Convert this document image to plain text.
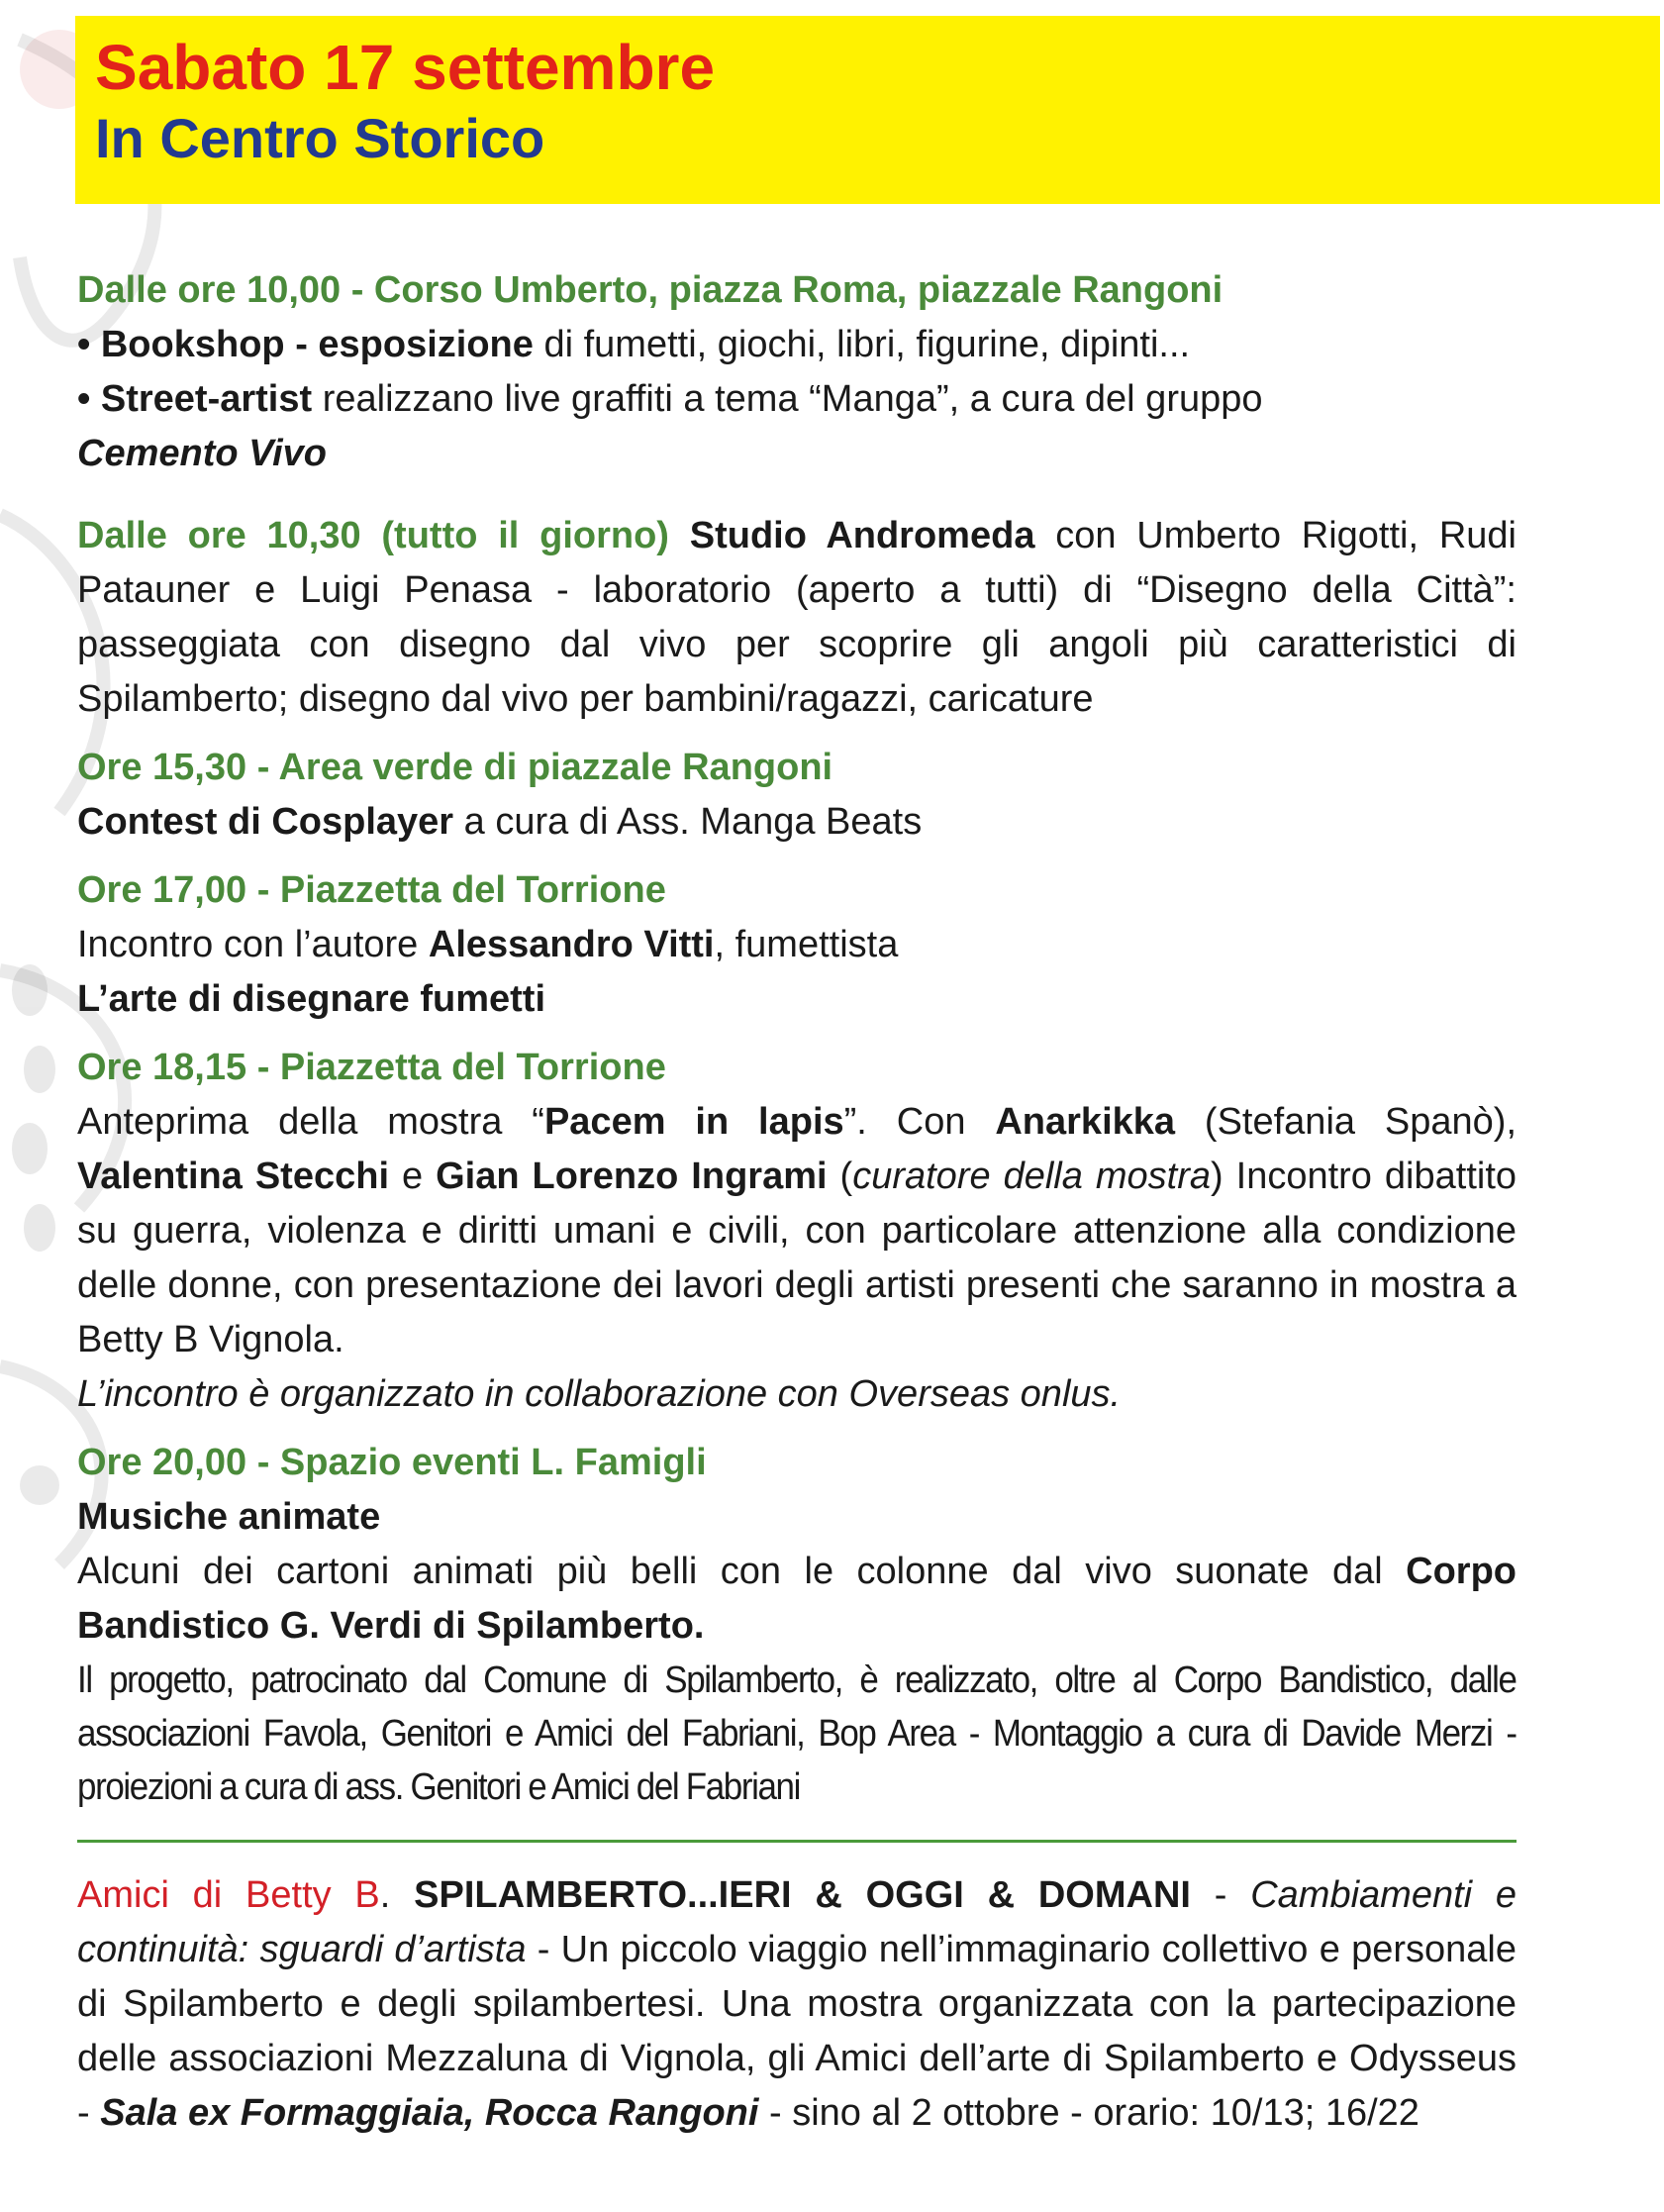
Sabato 17 settembre
In Centro Storico

Dalle ore 10,00 - Corso Umberto, piazza Roma, piazzale Rangoni

• Bookshop - esposizione di fumetti, giochi, libri, figurine, dipinti...

• Street-artist realizzano live graffiti a tema “Manga”, a cura del gruppo

Cemento Vivo

Dalle ore 10,30 (tutto il giorno) Studio Andromeda con Umberto Rigotti, Rudi Patauner e Luigi Penasa - laboratorio (aperto a tutti) di “Disegno della Città”: passeggiata con disegno dal vivo per scoprire gli angoli più caratteristici di Spilamberto; disegno dal vivo per bambini/ragazzi, caricature

Ore 15,30 - Area verde di piazzale Rangoni

Contest di Cosplayer a cura di Ass. Manga Beats

Ore 17,00 - Piazzetta del Torrione

Incontro con l’autore Alessandro Vitti, fumettista

L’arte di disegnare fumetti

Ore 18,15 - Piazzetta del Torrione

Anteprima della mostra “Pacem in lapis”. Con Anarkikka (Stefania Spanò), Valentina Stecchi e Gian Lorenzo Ingrami (curatore della mostra) Incontro dibattito su guerra, violenza e diritti umani e civili, con particolare attenzione alla condizione delle donne, con presentazione dei lavori degli artisti presenti che saranno in mostra a Betty B Vignola.

L’incontro è organizzato in collaborazione con Overseas onlus.

Ore 20,00 - Spazio eventi L. Famigli

Musiche animate

Alcuni dei cartoni animati più belli con le colonne dal vivo suonate dal Corpo Bandistico G. Verdi di Spilamberto.

Il progetto, patrocinato dal Comune di Spilamberto, è realizzato, oltre al Corpo Bandistico, dalle associazioni Favola, Genitori e Amici del Fabriani, Bop Area - Montaggio a cura di Davide Merzi - proiezioni a cura di ass. Genitori e Amici del Fabriani

Amici di Betty B. SPILAMBERTO...IERI & OGGI & DOMANI - Cambiamenti e continuità: sguardi d’artista - Un piccolo viaggio nell’immaginario collettivo e personale di Spilamberto e degli spilambertesi. Una mostra organizzata con la partecipazione delle associazioni Mezzaluna di Vignola, gli Amici dell’arte di Spilamberto e Odysseus - Sala ex Formaggiaia, Rocca Rangoni - sino al 2 ottobre - orario: 10/13; 16/22
